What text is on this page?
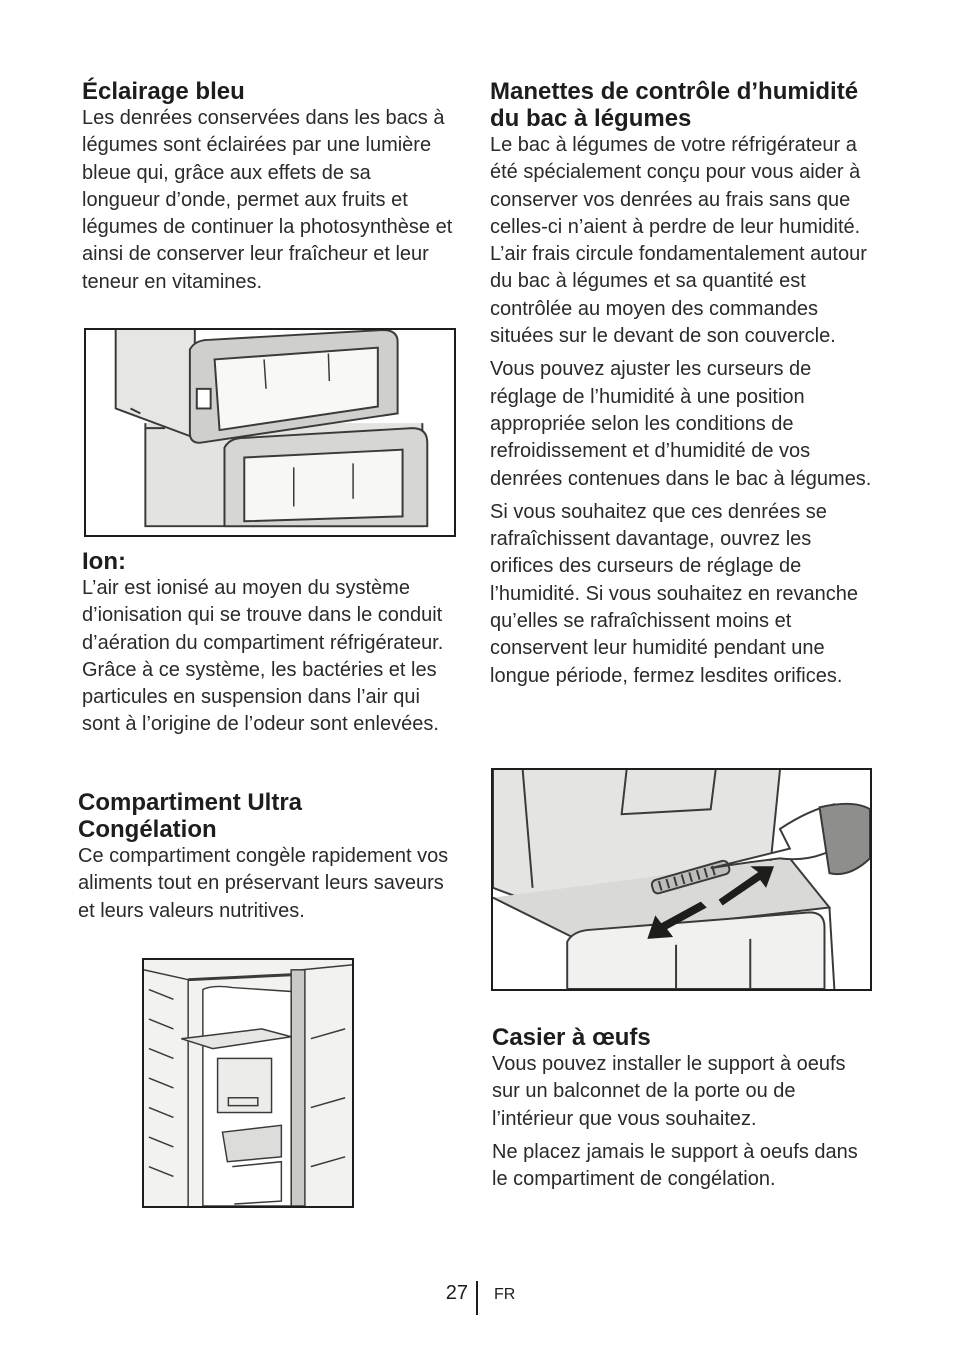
Éclairage bleu

Les denrées conservées dans les bacs à légumes sont éclairées par une lumière bleue qui, grâce aux effets de sa longueur d’onde, permet aux fruits et légumes de continuer la photosynthèse et ainsi de conserver leur fraîcheur et leur teneur en vitamines.

Ion:

L’air est ionisé au moyen du système d’ionisation qui se trouve dans le conduit d’aération du compartiment réfrigérateur. Grâce à ce système, les bactéries et les particules en suspension dans l’air qui sont à l’origine de l’odeur sont enlevées.

Compartiment Ultra Congélation

Ce compartiment congèle rapidement vos aliments tout en préservant leurs saveurs et leurs valeurs nutritives.

Manettes de contrôle d’humidité du bac à légumes

Le bac à légumes de votre réfrigérateur a été spécialement conçu pour vous aider à conserver vos denrées au frais sans que celles-ci n’aient à perdre de leur humidité. L’air frais circule fondamentalement autour du bac à légumes et sa quantité est contrôlée au moyen des commandes situées sur le devant de son couvercle.

Vous pouvez ajuster les curseurs de réglage de l’humidité à une position appropriée selon les conditions de refroidissement et d’humidité de vos denrées contenues dans le bac à légumes.

Si vous souhaitez que ces denrées se rafraîchissent davantage, ouvrez les orifices des curseurs de réglage de l’humidité. Si vous souhaitez en revanche qu’elles se rafraîchissent moins et conservent leur humidité pendant une longue période, fermez lesdites orifices.

Casier à œufs

Vous pouvez installer le support à oeufs sur un balconnet de la porte ou de l’intérieur que vous souhaitez.

Ne placez jamais le support à oeufs dans le compartiment de congélation.

27 FR
